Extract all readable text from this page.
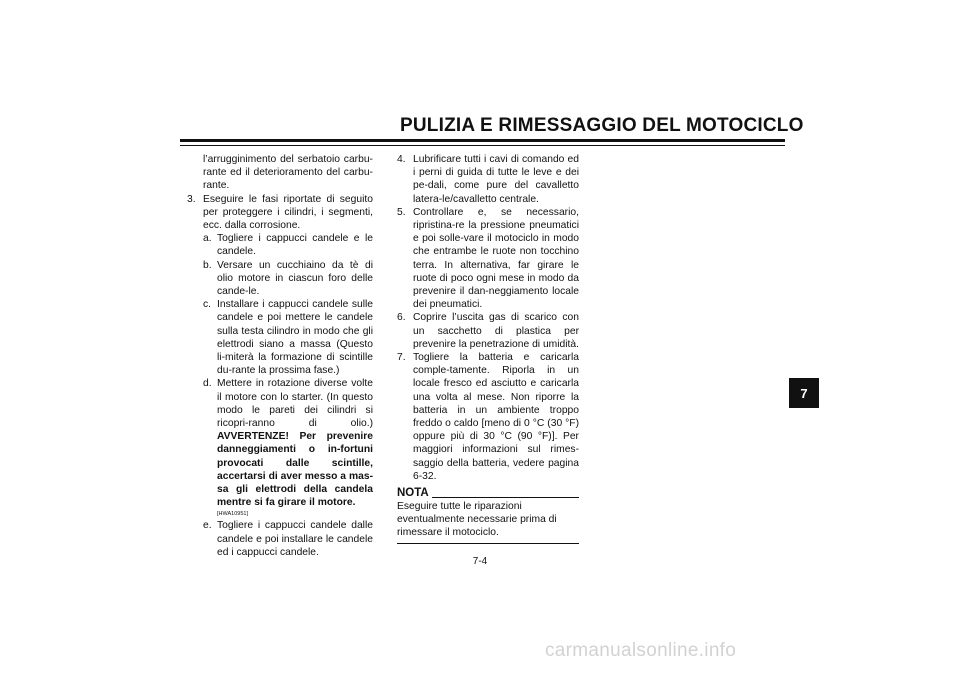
PULIZIA E RIMESSAGGIO DEL MOTOCICLO

l’arrugginimento del serbatoio carbu-rante ed il deterioramento del carbu-rante.

3. Eseguire le fasi riportate di seguito per proteggere i cilindri, i segmenti, ecc. dalla corrosione.
a. Togliere i cappucci candele e le candele.
b. Versare un cucchiaino da tè di olio motore in ciascun foro delle cande-le.
c. Installare i cappucci candele sulle candele e poi mettere le candele sulla testa cilindro in modo che gli elettrodi siano a massa (Questo li-miterà la formazione di scintille du-rante la prossima fase.)
d. Mettere in rotazione diverse volte il motore con lo starter. (In questo modo le pareti dei cilindri si ricopri-ranno di olio.) AVVERTENZE! Per prevenire danneggiamenti o in-fortuni provocati dalle scintille, accertarsi di aver messo a mas-sa gli elettrodi della candela mentre si fa girare il motore.
[HWA10951]
e. Togliere i cappucci candele dalle candele e poi installare le candele ed i cappucci candele.
4. Lubrificare tutti i cavi di comando ed i perni di guida di tutte le leve e dei pe-dali, come pure del cavalletto latera-le/cavalletto centrale.
5. Controllare e, se necessario, ripristina-re la pressione pneumatici e poi solle-vare il motociclo in modo che entrambe le ruote non tocchino terra. In alternativa, far girare le ruote di poco ogni mese in modo da prevenire il dan-neggiamento locale dei pneumatici.
6. Coprire l’uscita gas di scarico con un sacchetto di plastica per prevenire la penetrazione di umidità.
7. Togliere la batteria e caricarla comple-tamente. Riporla in un locale fresco ed asciutto e caricarla una volta al mese. Non riporre la batteria in un ambiente troppo freddo o caldo [meno di 0 °C (30 °F) oppure più di 30 °C (90 °F)]. Per maggiori informazioni sul rimes-saggio della batteria, vedere pagina 6-32.
NOTA
Eseguire tutte le riparazioni eventualmente necessarie prima di rimessare il motociclo.
7
7-4
carmanualsonline.info
